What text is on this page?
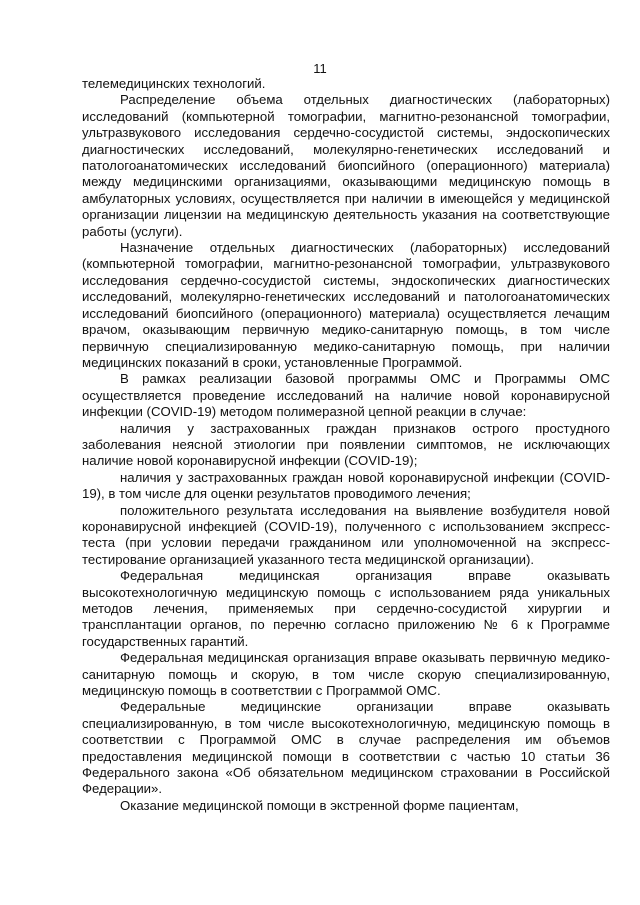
11

телемедицинских технологий.

Распределение объема отдельных диагностических (лабораторных) исследований (компьютерной томографии, магнитно-резонансной томографии, ультразвукового исследования сердечно-сосудистой системы, эндоскопических диагностических исследований, молекулярно-генетических исследований и патологоанатомических исследований биопсийного (операционного) материала) между медицинскими организациями, оказывающими медицинскую помощь в амбулаторных условиях, осуществляется при наличии в имеющейся у медицинской организации лицензии на медицинскую деятельность указания на соответствующие работы (услуги).

Назначение отдельных диагностических (лабораторных) исследований (компьютерной томографии, магнитно-резонансной томографии, ультразвукового исследования сердечно-сосудистой системы, эндоскопических диагностических исследований, молекулярно-генетических исследований и патологоанатомических исследований биопсийного (операционного) материала) осуществляется лечащим врачом, оказывающим первичную медико-санитарную помощь, в том числе первичную специализированную медико-санитарную помощь, при наличии медицинских показаний в сроки, установленные Программой.

В рамках реализации базовой программы ОМС и Программы ОМС осуществляется проведение исследований на наличие новой коронавирусной инфекции (COVID-19) методом полимеразной цепной реакции в случае:

наличия у застрахованных граждан признаков острого простудного заболевания неясной этиологии при появлении симптомов, не исключающих наличие новой коронавирусной инфекции (COVID-19);

наличия у застрахованных граждан новой коронавирусной инфекции (COVID-19), в том числе для оценки результатов проводимого лечения;

положительного результата исследования на выявление возбудителя новой коронавирусной инфекцией (COVID-19), полученного с использованием экспресс-теста (при условии передачи гражданином или уполномоченной на экспресс-тестирование организацией указанного теста медицинской организации).

Федеральная медицинская организация вправе оказывать высокотехнологичную медицинскую помощь с использованием ряда уникальных методов лечения, применяемых при сердечно-сосудистой хирургии и трансплантации органов, по перечню согласно приложению № 6 к Программе государственных гарантий.

Федеральная медицинская организация вправе оказывать первичную медико-санитарную помощь и скорую, в том числе скорую специализированную, медицинскую помощь в соответствии с Программой ОМС.

Федеральные медицинские организации вправе оказывать специализированную, в том числе высокотехнологичную, медицинскую помощь в соответствии с Программой ОМС в случае распределения им объемов предоставления медицинской помощи в соответствии с частью 10 статьи 36 Федерального закона «Об обязательном медицинском страховании в Российской Федерации».

Оказание медицинской помощи в экстренной форме пациентам,
